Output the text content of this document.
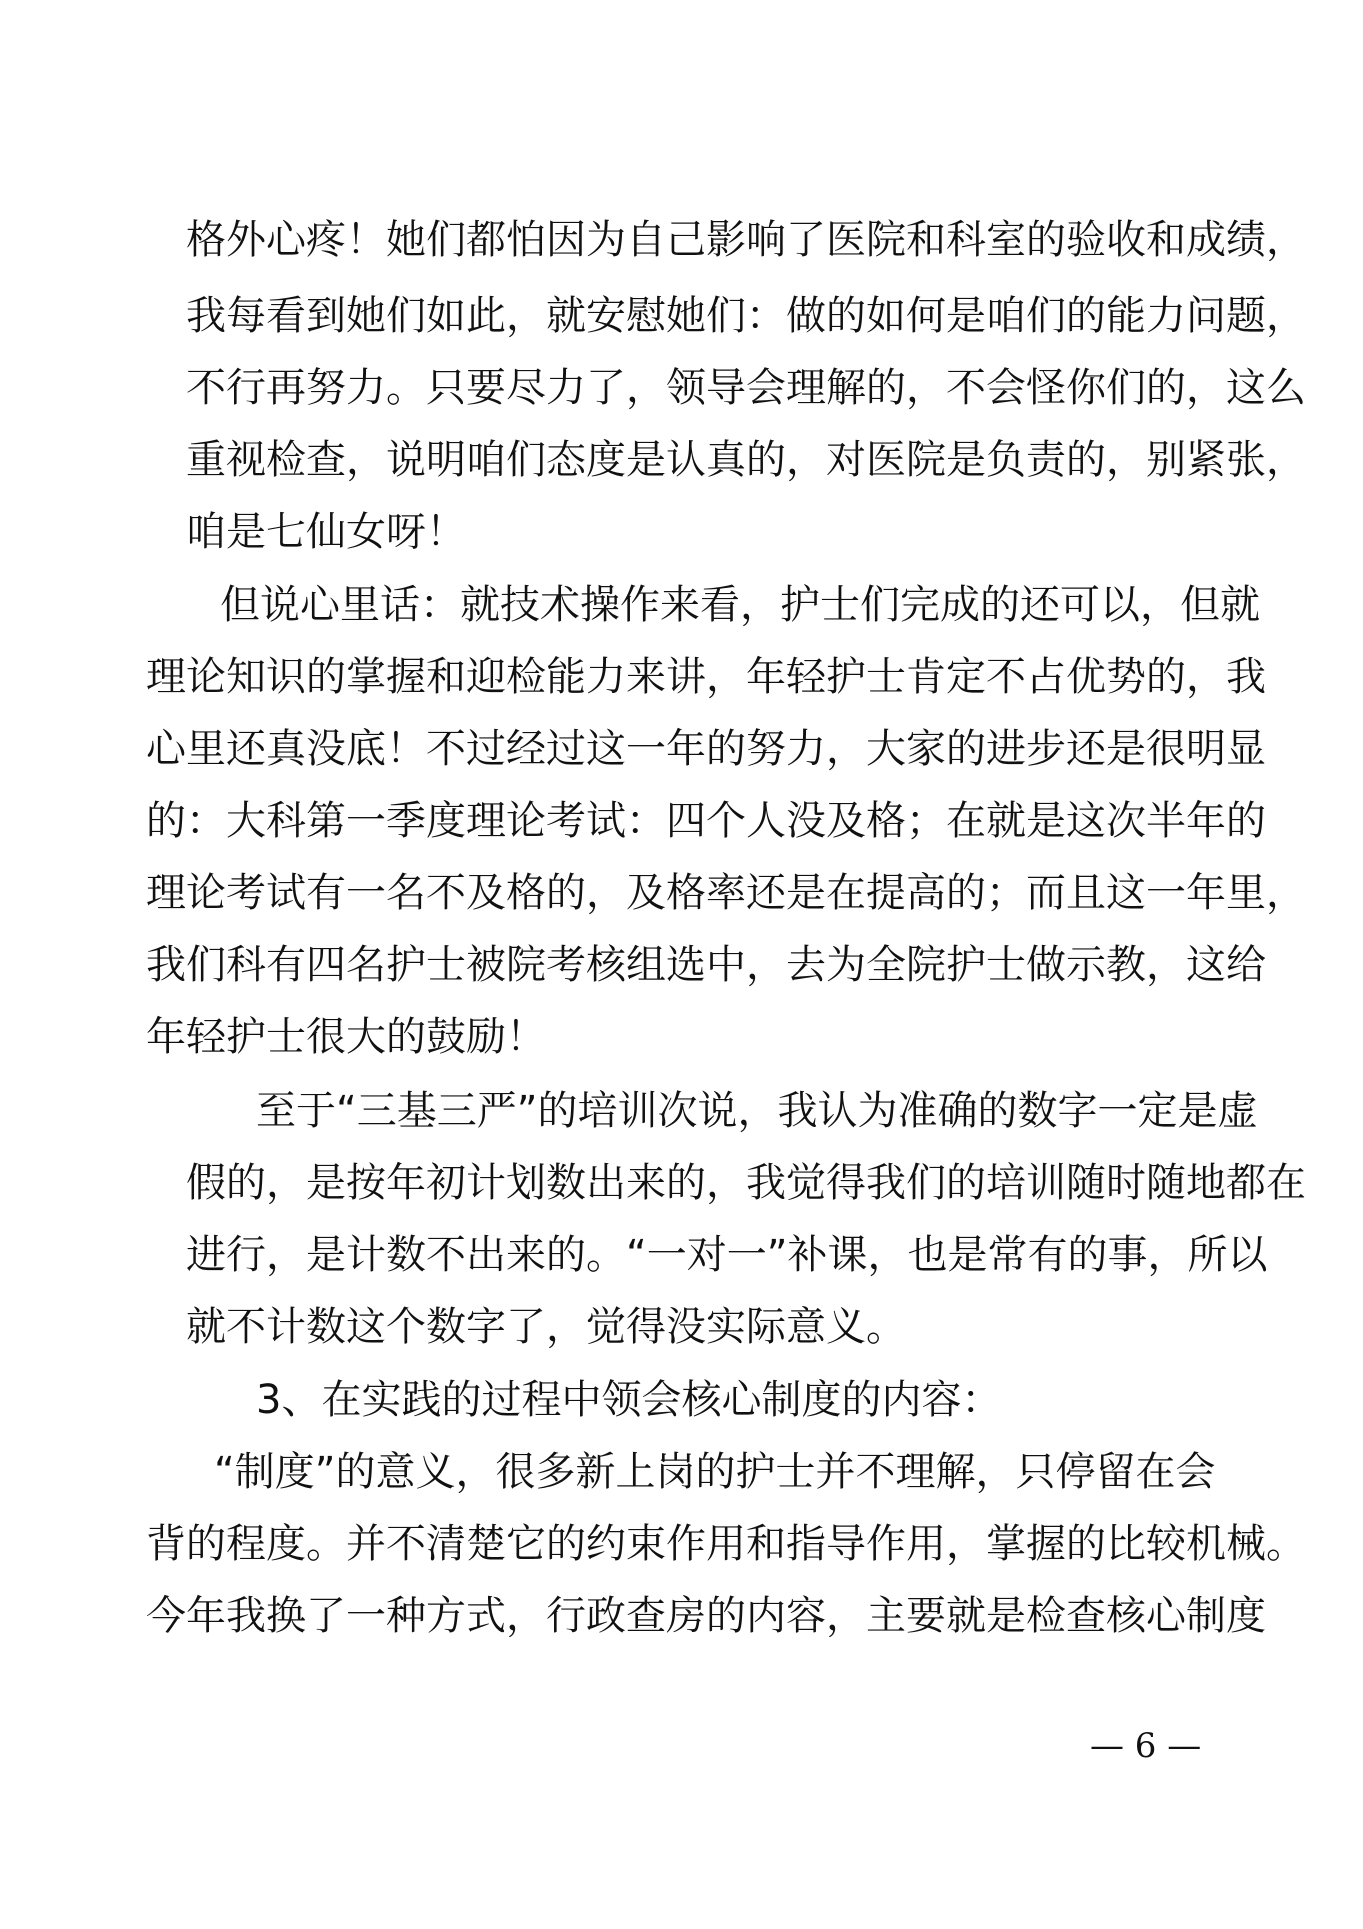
格外心疼！她们都怕因为自己影响了医院和科室的验收和成绩，

我每看到她们如此，就安慰她们：做的如何是咱们的能力问题，

不行再努力。只要尽力了，领导会理解的，不会怪你们的，这么

重视检查，说明咱们态度是认真的，对医院是负责的，别紧张，

咱是七仙女呀！

但说心里话：就技术操作来看，护士们完成的还可以，但就

理论知识的掌握和迎检能力来讲，年轻护士肯定不占优势的，我

心里还真没底！不过经过这一年的努力，大家的进步还是很明显

的：大科第一季度理论考试：四个人没及格；在就是这次半年的

理论考试有一名不及格的，及格率还是在提高的；而且这一年里，

我们科有四名护士被院考核组选中，去为全院护士做示教，这给

年轻护士很大的鼓励！

至于“三基三严”的培训次说，我认为准确的数字一定是虚

假的，是按年初计划数出来的，我觉得我们的培训随时随地都在

进行，是计数不出来的。“一对一”补课，也是常有的事，所以

就不计数这个数字了，觉得没实际意义。

3、在实践的过程中领会核心制度的内容：

“制度”的意义，很多新上岗的护士并不理解，只停留在会

背的程度。并不清楚它的约束作用和指导作用，掌握的比较机械。

今年我换了一种方式，行政查房的内容，主要就是检查核心制度

— 6 —
